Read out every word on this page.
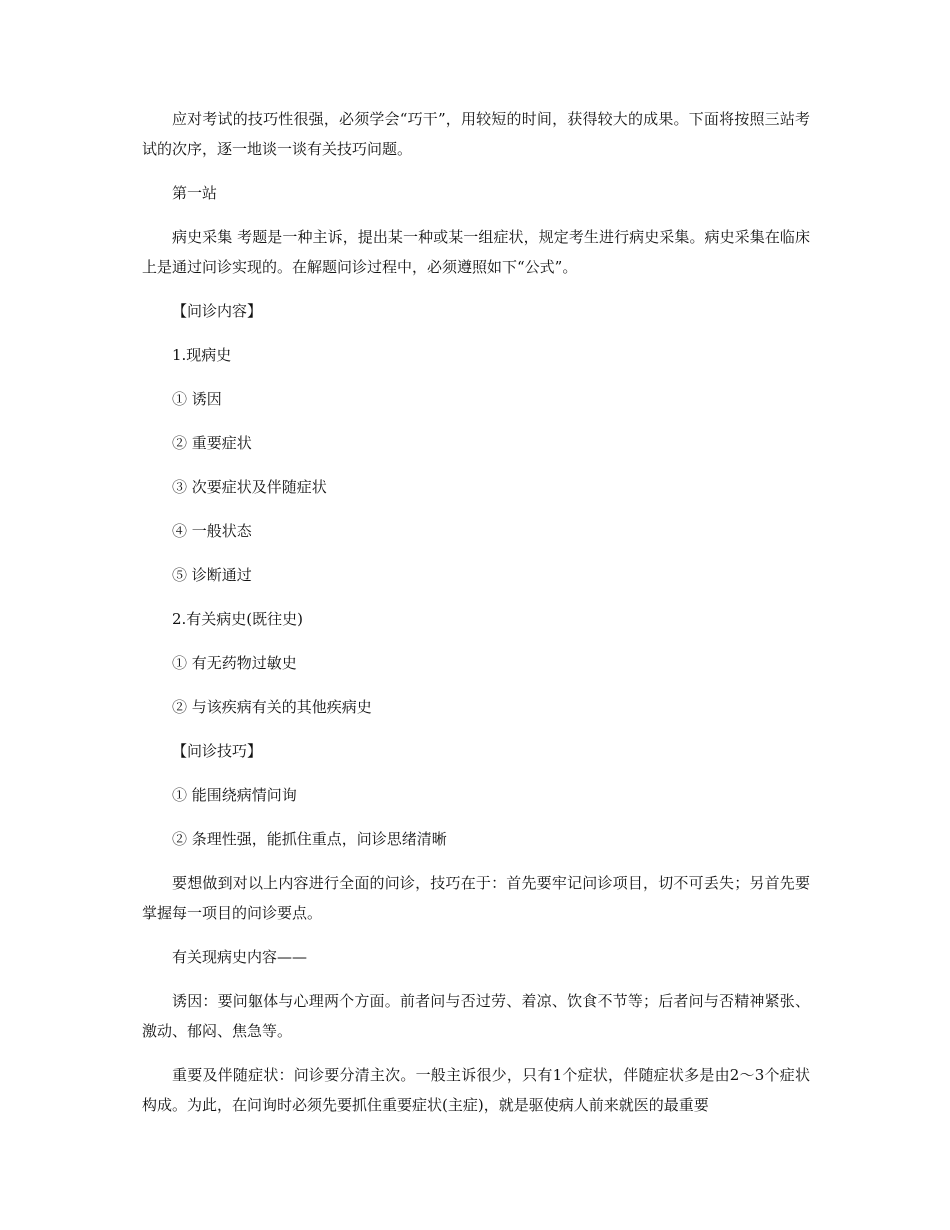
应对考试的技巧性很强，必须学会“巧干”，用较短的时间，获得较大的成果。下面将按照三站考试的次序，逐一地谈一谈有关技巧问题。

第一站

病史采集 考题是一种主诉，提出某一种或某一组症状，规定考生进行病史采集。病史采集在临床上是通过问诊实现的。在解题问诊过程中，必须遵照如下“公式”。

【问诊内容】

1.现病史

① 诱因

② 重要症状

③ 次要症状及伴随症状

④ 一般状态

⑤ 诊断通过

2.有关病史(既往史)

① 有无药物过敏史

② 与该疾病有关的其他疾病史

【问诊技巧】

① 能围绕病情问询

② 条理性强，能抓住重点，问诊思绪清晰

要想做到对以上内容进行全面的问诊，技巧在于：首先要牢记问诊项目，切不可丢失；另首先要掌握每一项目的问诊要点。

有关现病史内容——

诱因：要问躯体与心理两个方面。前者问与否过劳、着凉、饮食不节等；后者问与否精神紧张、激动、郁闷、焦急等。

重要及伴随症状：问诊要分清主次。一般主诉很少，只有1个症状，伴随症状多是由2～3个症状构成。为此，在问询时必须先要抓住重要症状(主症)，就是驱使病人前来就医的最重要
